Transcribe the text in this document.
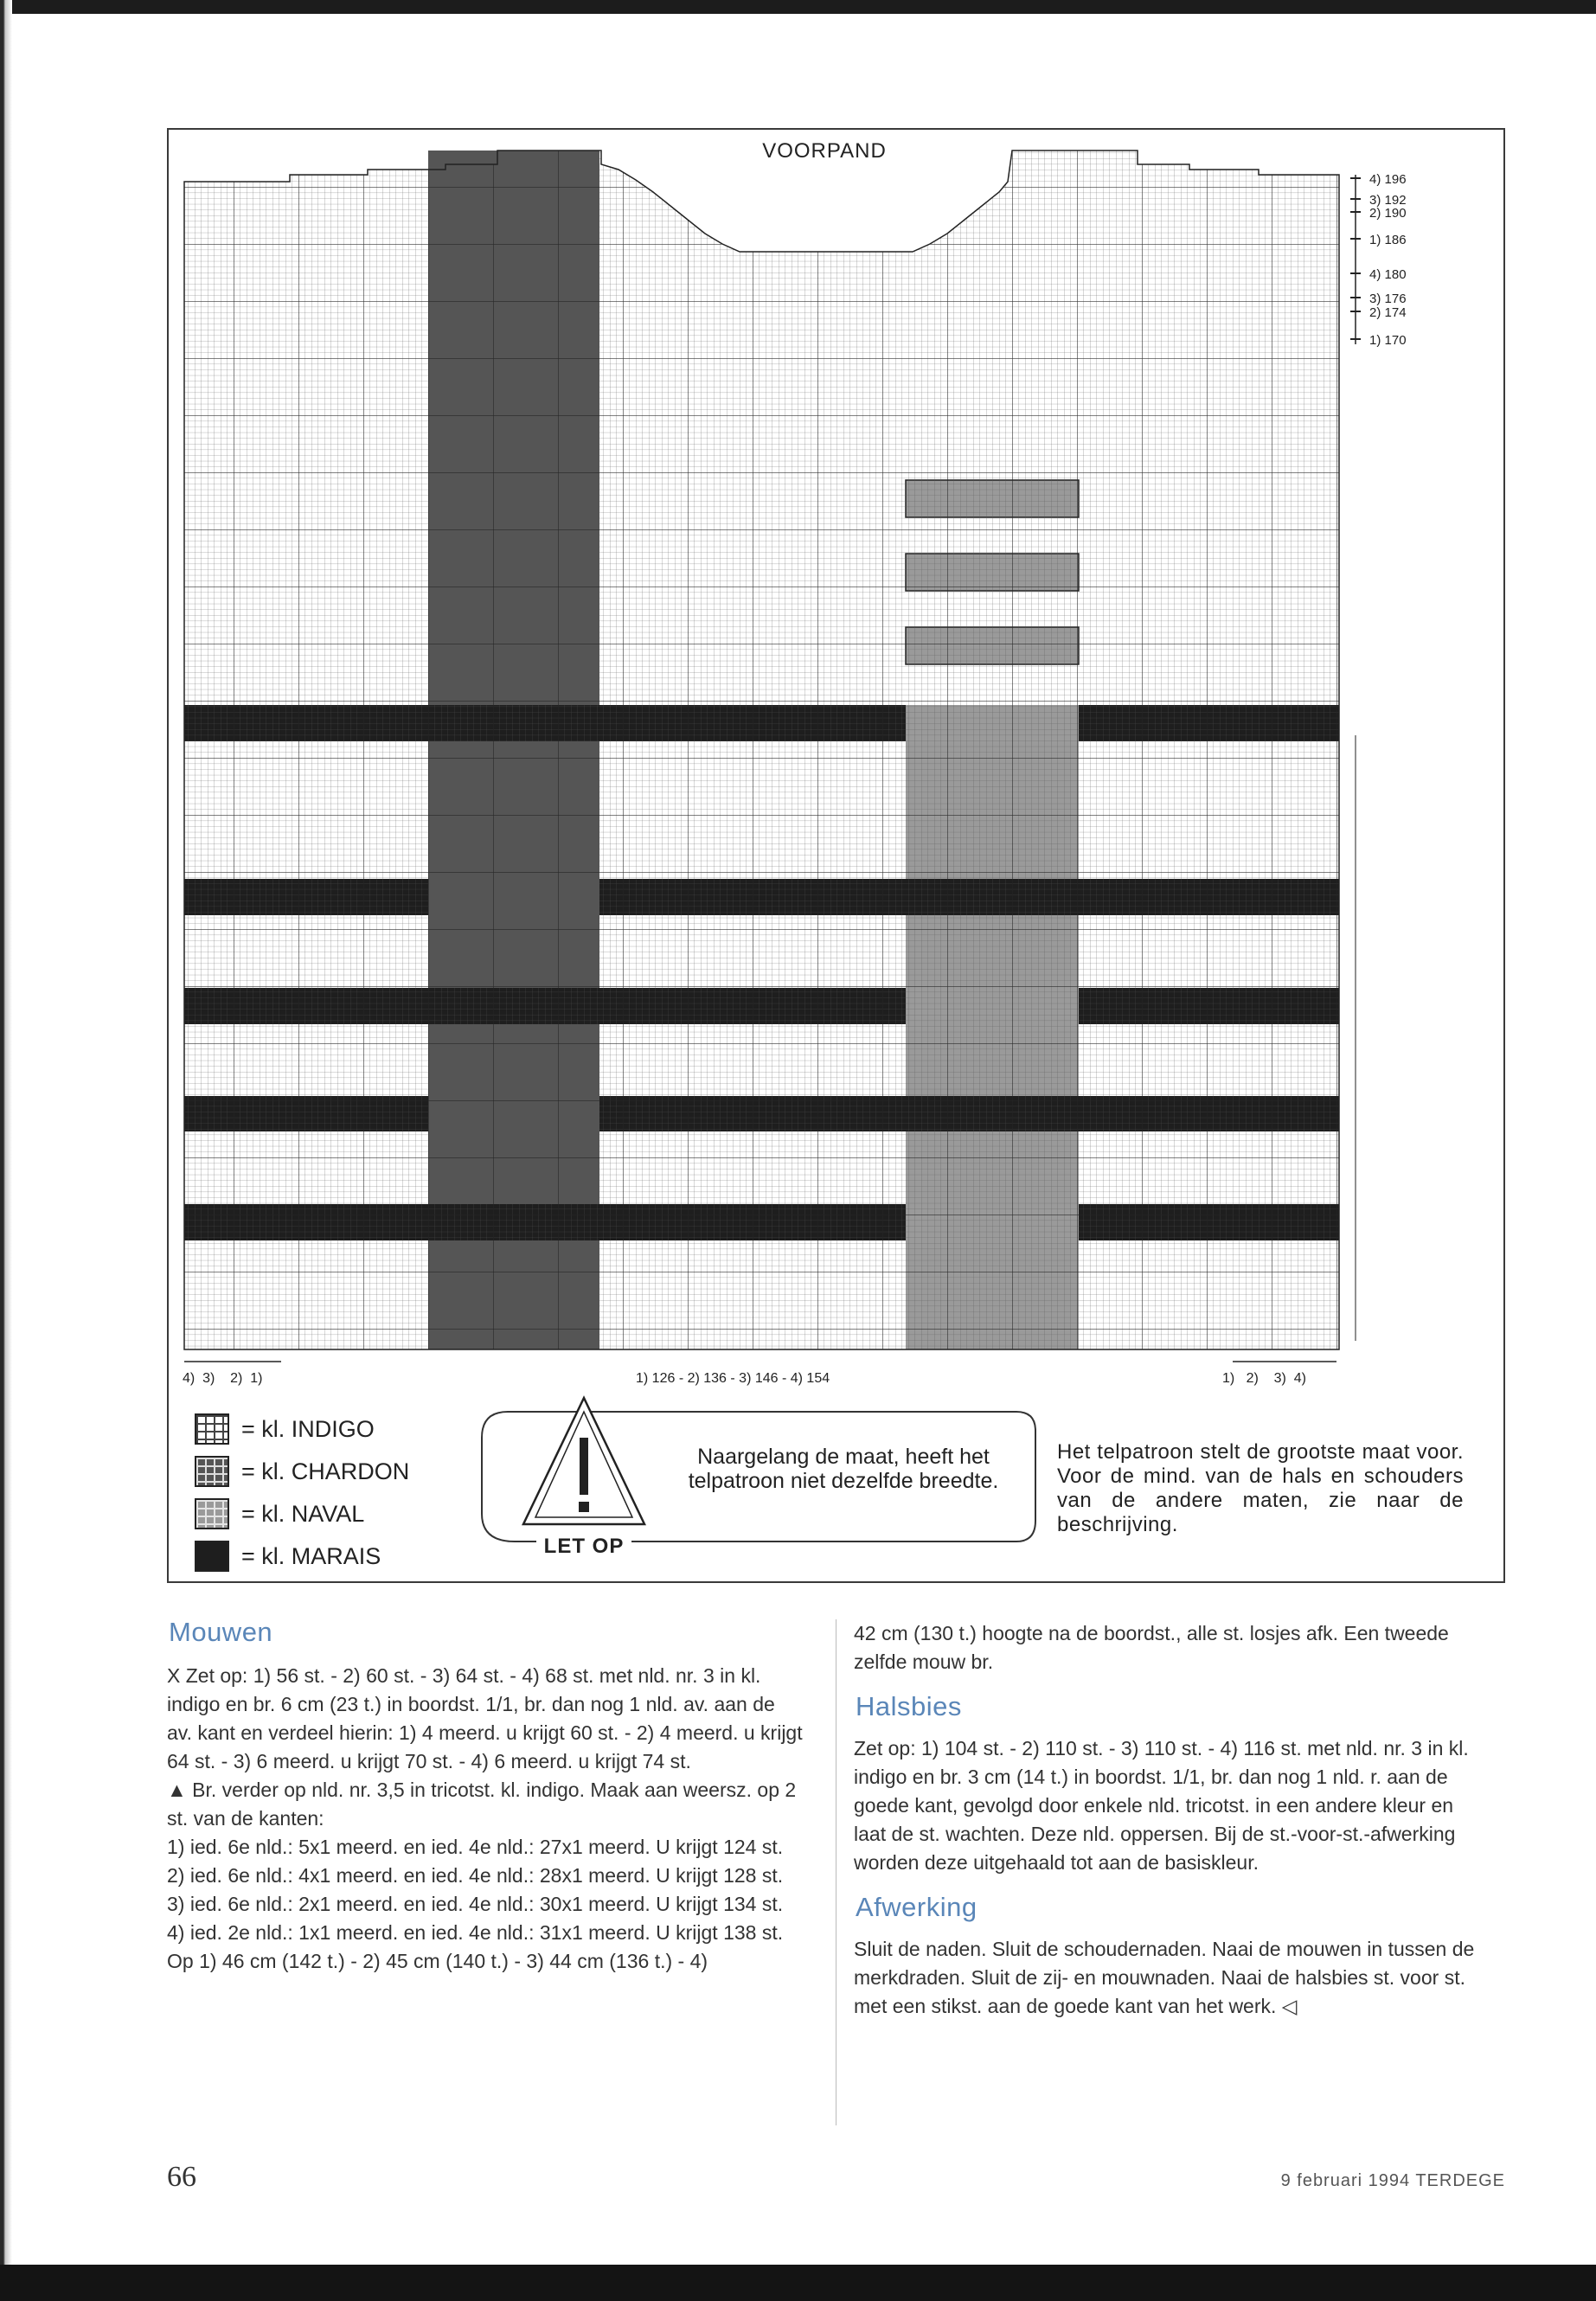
VOORPAND
4) 196
3) 192
2) 190
1) 186
4) 180
3) 176
2) 174
1) 170
4)  3)    2)  1)	1) 126 - 2) 136 - 3) 146 - 4) 154	1)   2)    3)  4)
= kl. INDIGO
= kl. CHARDON
= kl. NAVAL
= kl. MARAIS
Naargelang de maat, heeft het telpatroon niet dezelfde breedte.
LET OP
Het telpatroon stelt de grootste maat voor. Voor de mind. van de hals en schouders van de andere maten, zie naar de beschrijving.
Mouwen

X Zet op: 1) 56 st. - 2) 60 st. - 3) 64 st. - 4) 68 st. met nld. nr. 3 in kl. indigo en br. 6 cm (23 t.) in boordst. 1/1, br. dan nog 1 nld. av. aan de av. kant en verdeel hierin: 1) 4 meerd. u krijgt 60 st. - 2) 4 meerd. u krijgt 64 st. - 3) 6 meerd. u krijgt 70 st. - 4) 6 meerd. u krijgt 74 st.

▲ Br. verder op nld. nr. 3,5 in tricotst. kl. indigo. Maak aan weersz. op 2 st. van de kanten:

1) ied. 6e nld.: 5x1 meerd. en ied. 4e nld.: 27x1 meerd. U krijgt 124 st.

2) ied. 6e nld.: 4x1 meerd. en ied. 4e nld.: 28x1 meerd. U krijgt 128 st.

3) ied. 6e nld.: 2x1 meerd. en ied. 4e nld.: 30x1 meerd. U krijgt 134 st.

4) ied. 2e nld.: 1x1 meerd. en ied. 4e nld.: 31x1 meerd. U krijgt 138 st.

Op 1) 46 cm (142 t.) - 2) 45 cm (140 t.) - 3) 44 cm (136 t.) - 4)

42 cm (130 t.) hoogte na de boordst., alle st. losjes afk. Een tweede zelfde mouw br.

Halsbies

Zet op: 1) 104 st. - 2) 110 st. - 3) 110 st. - 4) 116 st. met nld. nr. 3 in kl. indigo en br. 3 cm (14 t.) in boordst. 1/1, br. dan nog 1 nld. r. aan de goede kant, gevolgd door enkele nld. tricotst. in een andere kleur en laat de st. wachten. Deze nld. oppersen. Bij de st.-voor-st.-afwerking worden deze uitgehaald tot aan de basiskleur.

Afwerking

Sluit de naden. Sluit de schoudernaden. Naai de mouwen in tussen de merkdraden. Sluit de zij- en mouwnaden. Naai de halsbies st. voor st. met een stikst. aan de goede kant van het werk. ◁

66	9 februari 1994 TERDEGE
